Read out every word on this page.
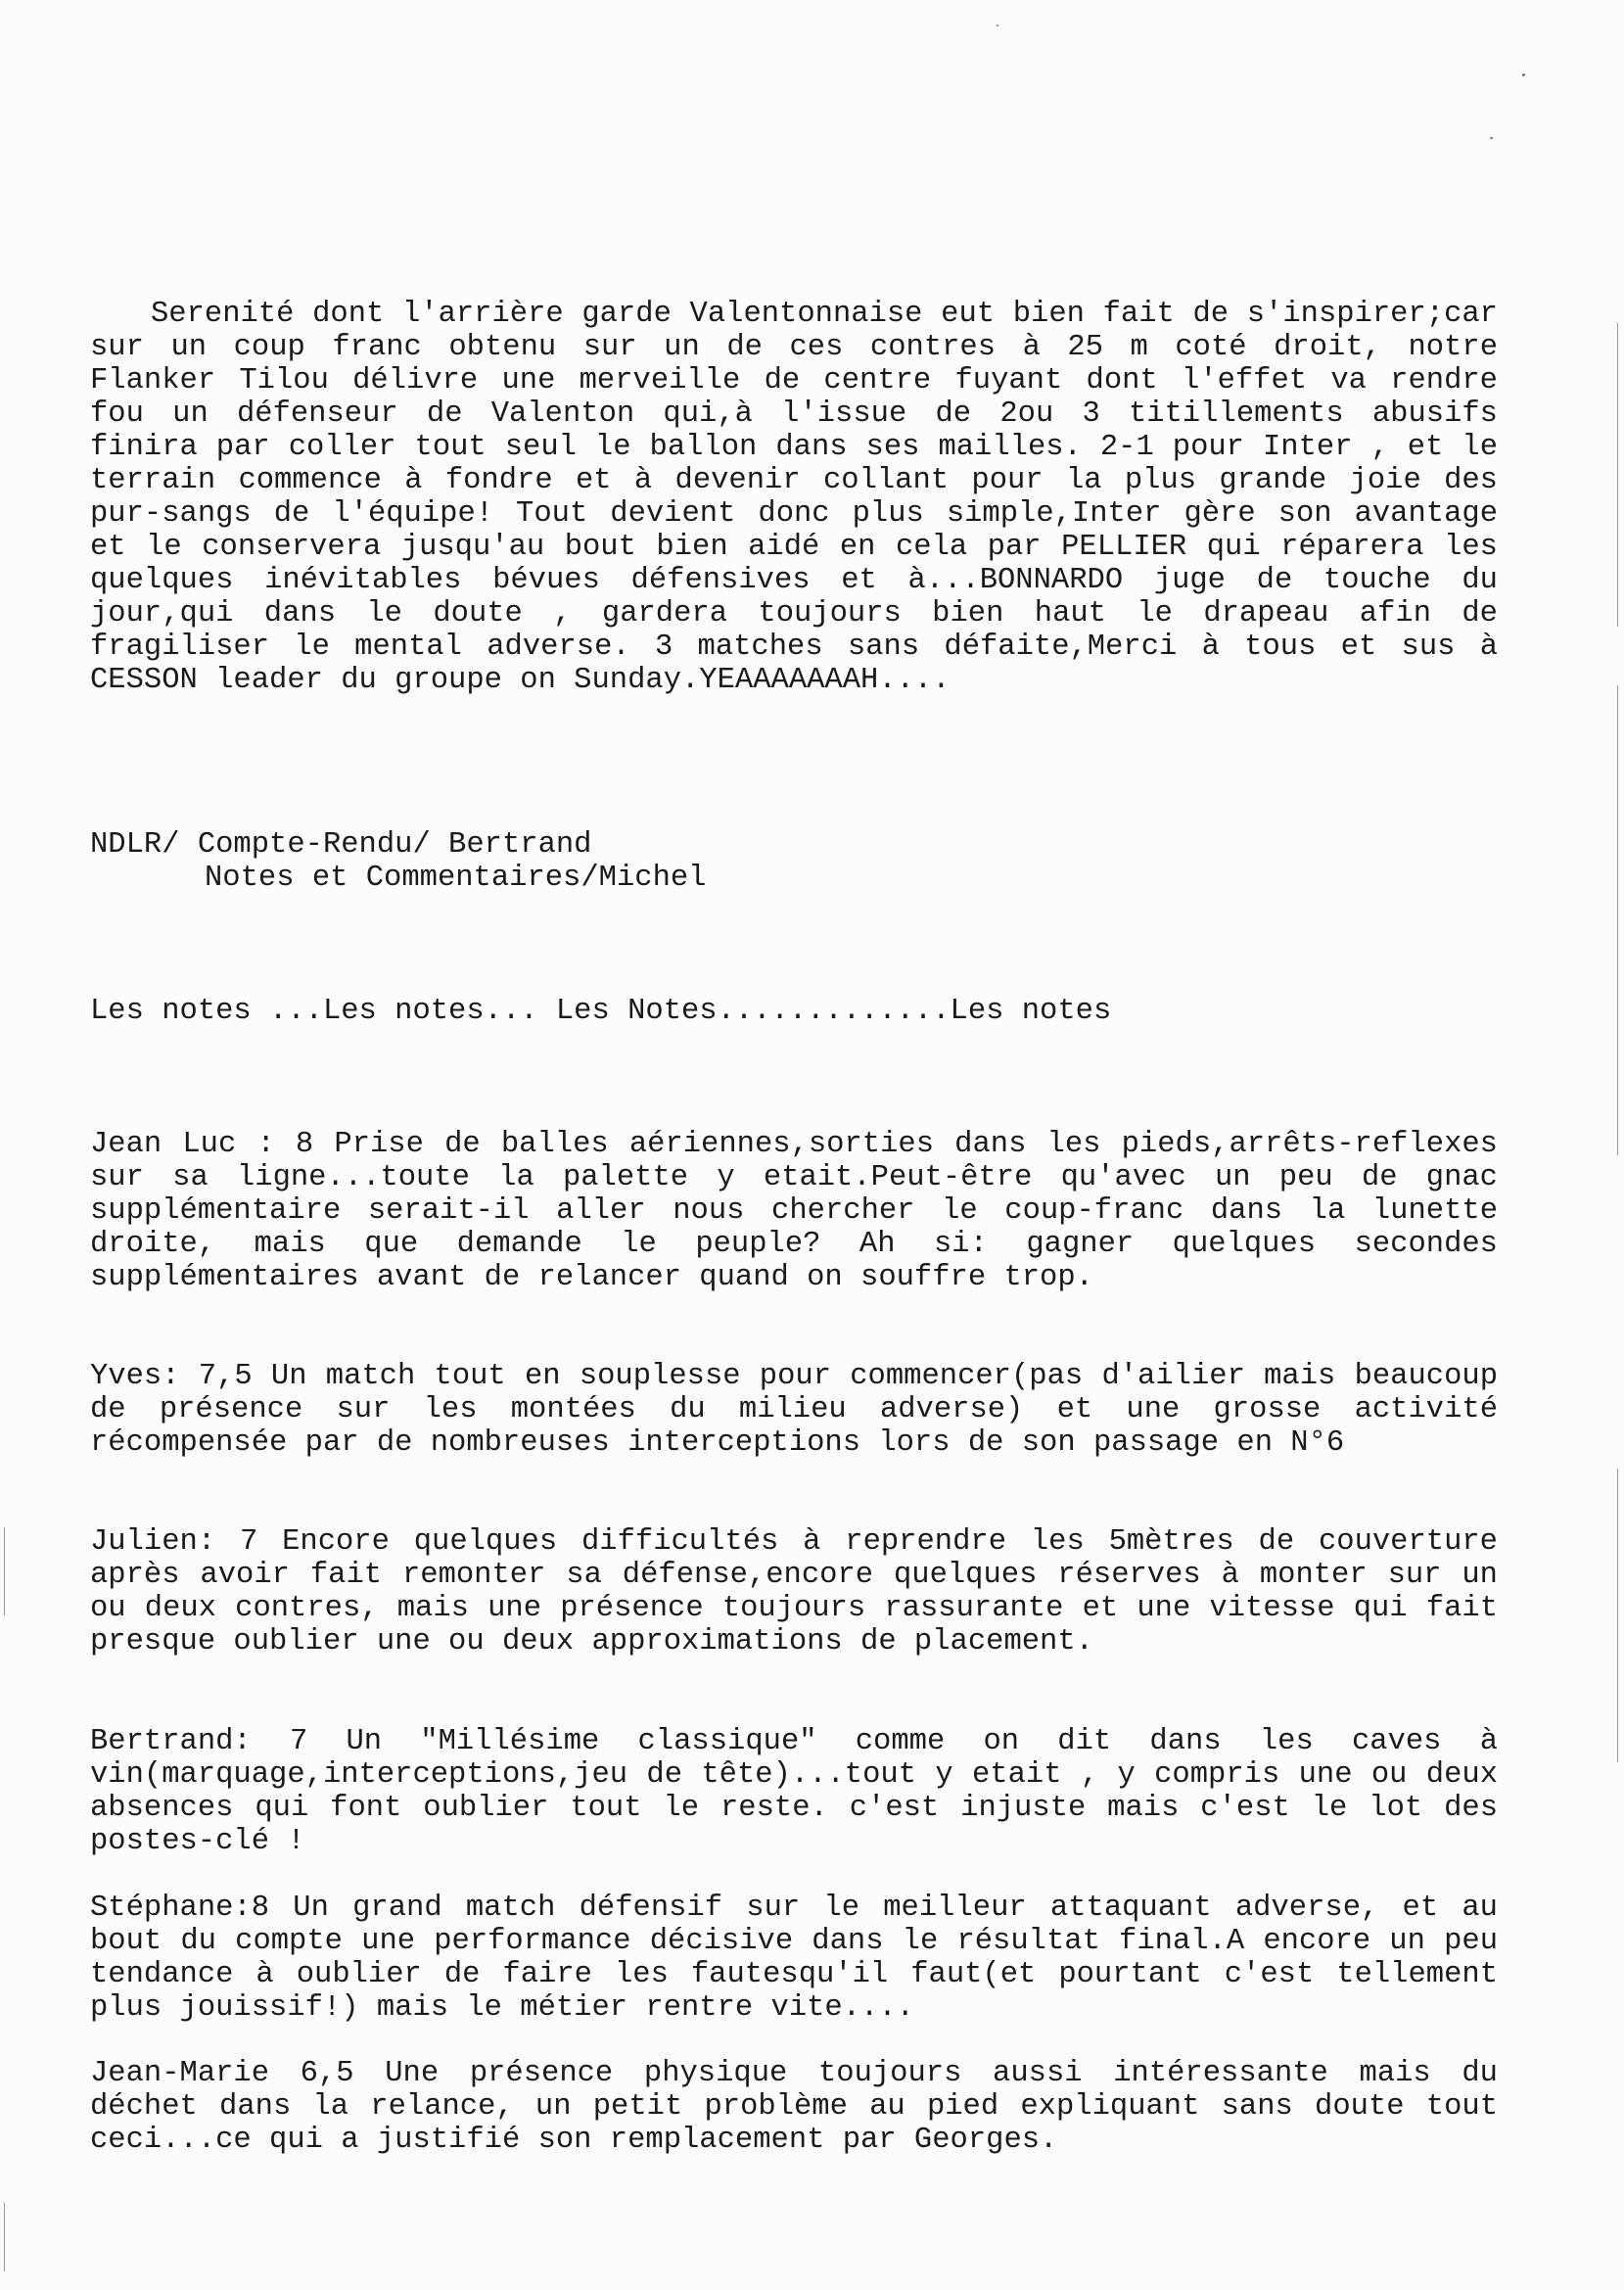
Serenité dont l'arrière garde Valentonnaise eut bien fait de s'inspirer;car sur un coup franc obtenu sur un de ces contres à 25 m coté droit, notre Flanker Tilou délivre une merveille de centre fuyant dont l'effet va rendre fou un défenseur de Valenton qui,à l'issue de 2ou 3 titillements abusifs finira par coller tout seul le ballon dans ses mailles. 2-1 pour Inter , et le terrain commence à fondre et à devenir collant pour la plus grande joie des pur-sangs de l'équipe! Tout devient donc plus simple,Inter gère son avantage et le conservera jusqu'au bout bien aidé en cela par PELLIER qui réparera les quelques inévitables bévues défensives et à...BONNARDO juge de touche du jour,qui dans le doute , gardera toujours bien haut le drapeau afin de fragiliser le mental adverse. 3 matches sans défaite,Merci à tous et sus à CESSON leader du groupe on Sunday.YEAAAAAAAH....
NDLR/ Compte-Rendu/ Bertrand
Notes et Commentaires/Michel
Les notes ...Les notes... Les Notes.............Les notes
Jean Luc : 8 Prise de balles aériennes,sorties dans les pieds,arrêts-reflexes sur sa ligne...toute la palette y etait.Peut-être qu'avec un peu de gnac supplémentaire serait-il aller nous chercher le coup-franc dans la lunette droite, mais que demande le peuple? Ah si: gagner quelques secondes supplémentaires avant de relancer quand on souffre trop.
Yves: 7,5 Un match tout en souplesse pour commencer(pas d'ailier mais beaucoup de présence sur les montées du milieu adverse) et une grosse activité récompensée par de nombreuses interceptions lors de son passage en N°6
Julien: 7 Encore quelques difficultés à reprendre les 5mètres de couverture après avoir fait remonter sa défense,encore quelques réserves à monter sur un ou deux contres, mais une présence toujours rassurante et une vitesse qui fait presque oublier une ou deux approximations de placement.
Bertrand: 7 Un "Millésime classique" comme on dit dans les caves à vin(marquage,interceptions,jeu de tête)...tout y etait , y compris une ou deux absences qui font oublier tout le reste. c'est injuste mais c'est le lot des postes-clé !
Stéphane:8 Un grand match défensif sur le meilleur attaquant adverse, et au bout du compte une performance décisive dans le résultat final.A encore un peu tendance à oublier de faire les fautesqu'il faut(et pourtant c'est tellement plus jouissif!) mais le métier rentre vite....
Jean-Marie 6,5 Une présence physique toujours aussi intéressante mais du déchet dans la relance, un petit problème au pied expliquant sans doute tout ceci...ce qui a justifié son remplacement par Georges.
